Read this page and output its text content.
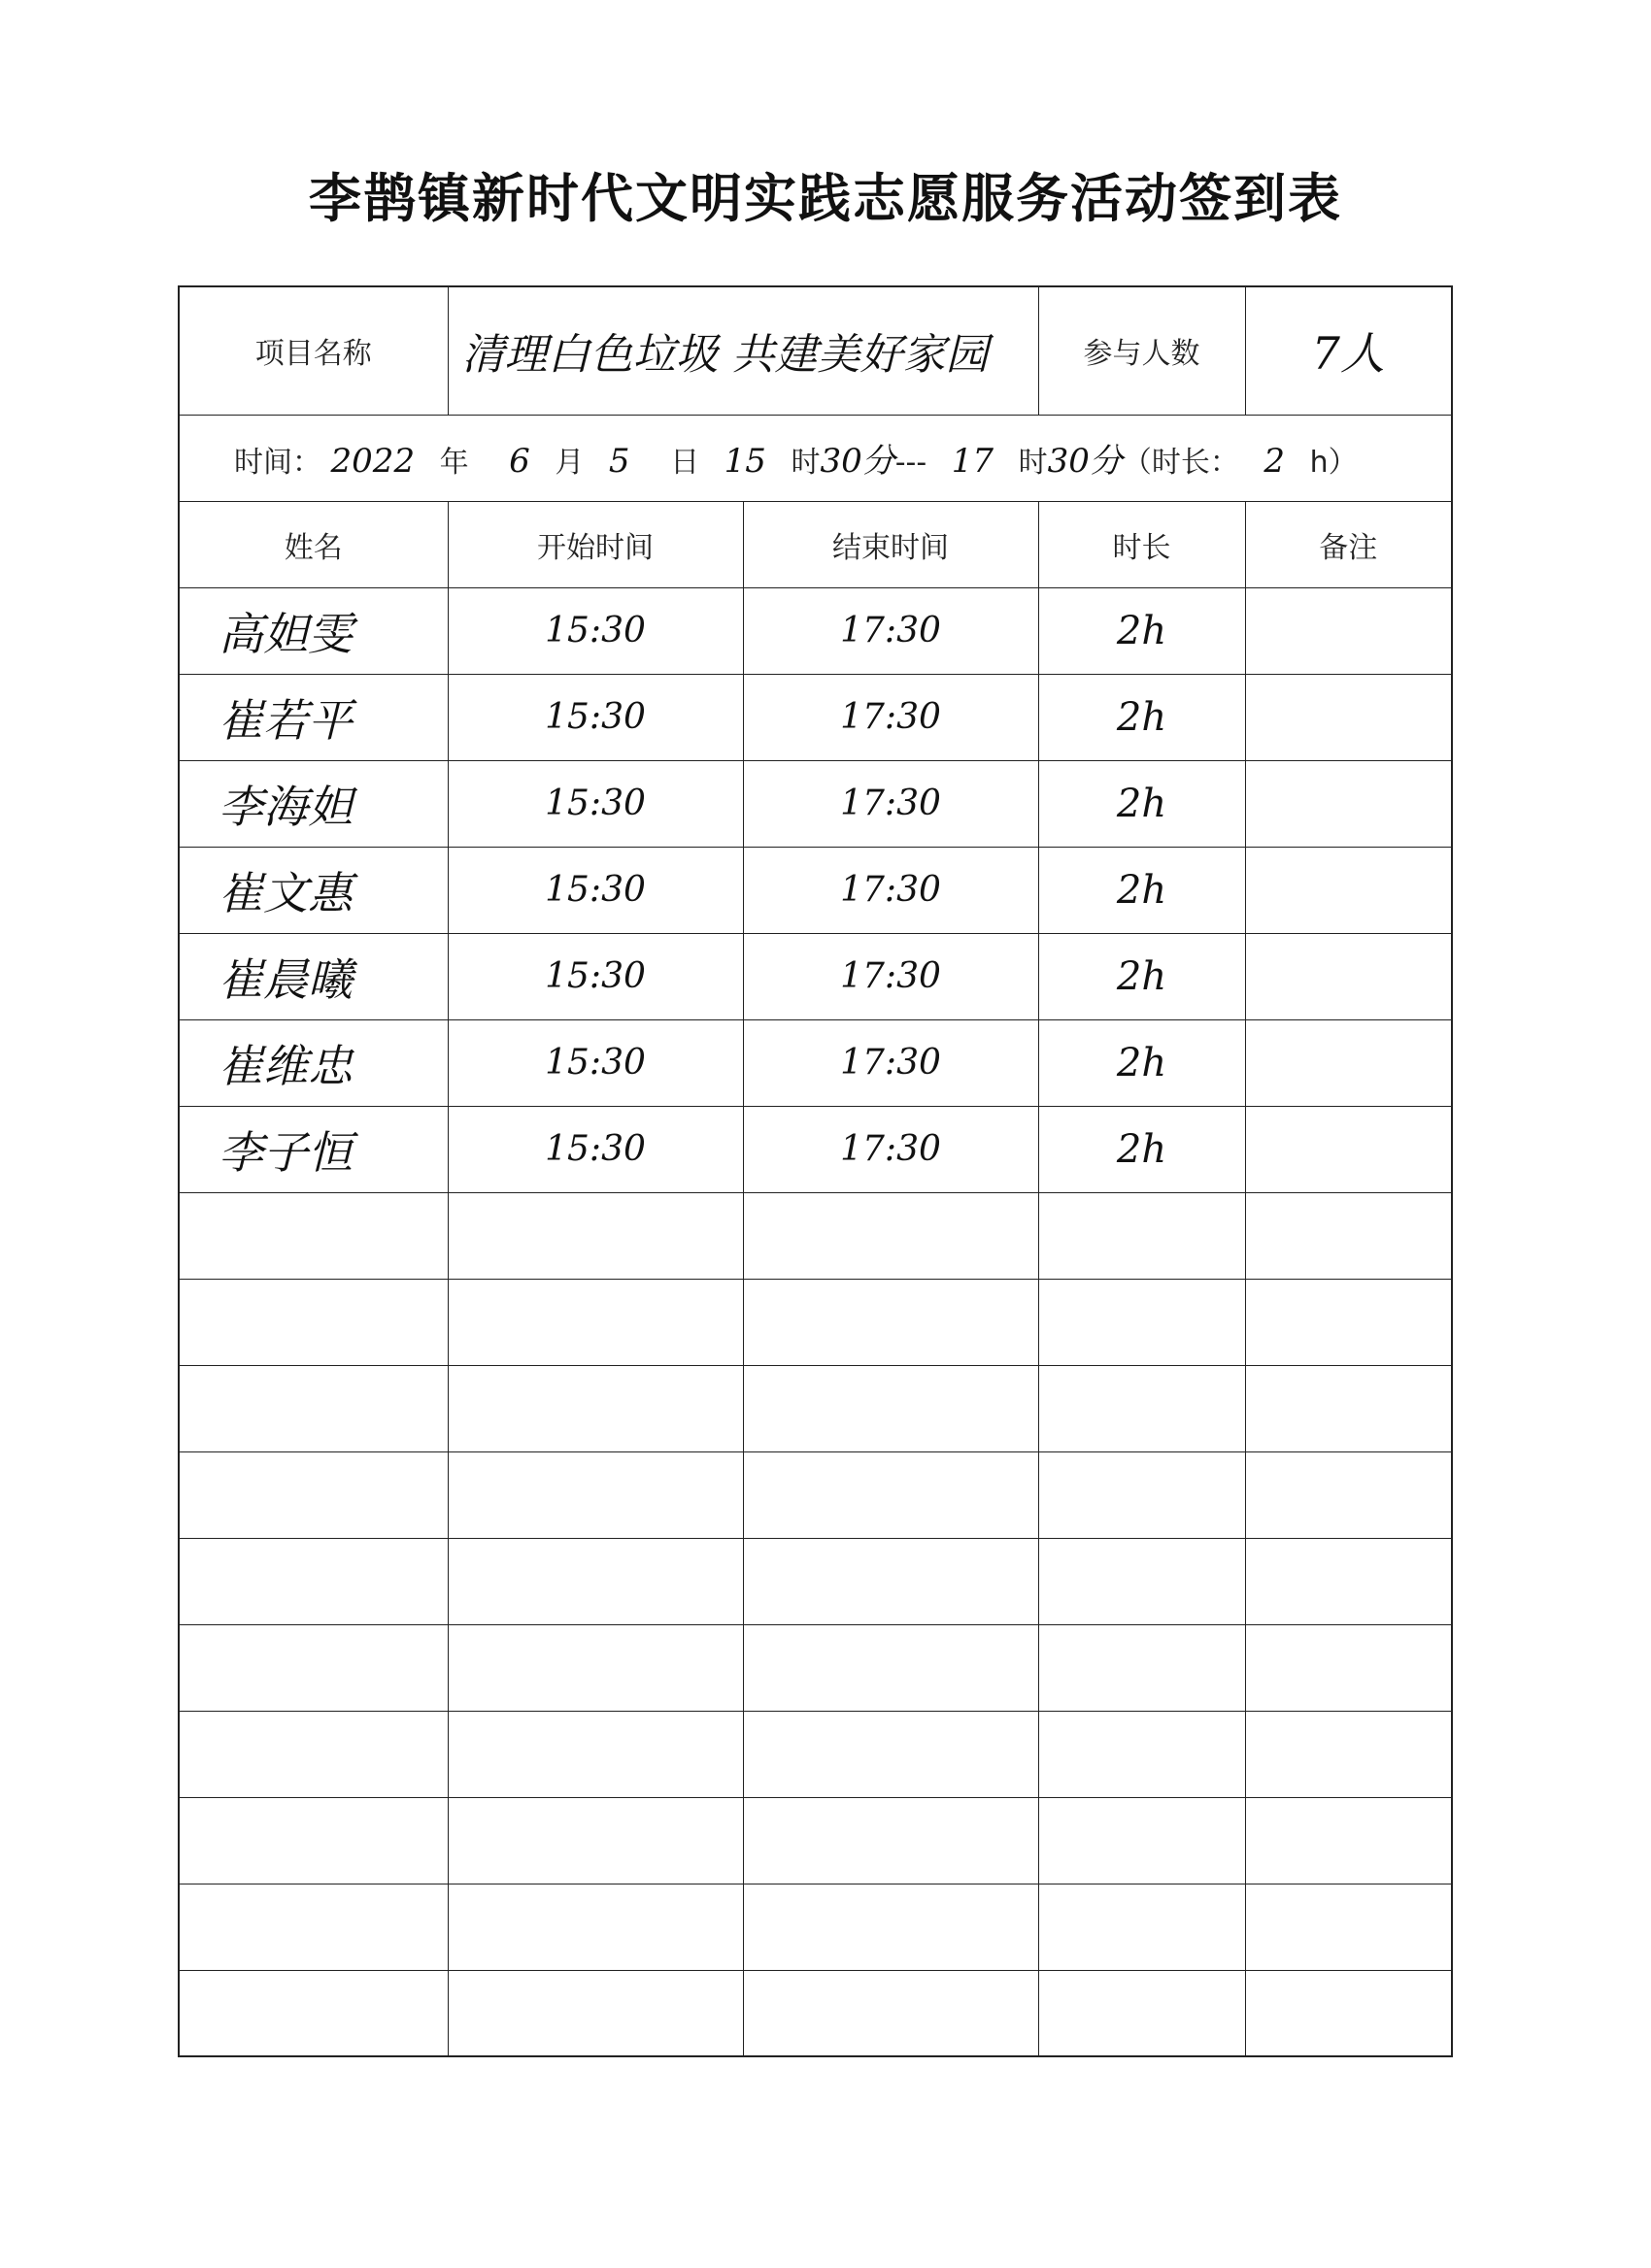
李鹊镇新时代文明实践志愿服务活动签到表
项目名称	清理白色垃圾 共建美好家园		参与人数	7人
时间： 2022 年 6 月 5 日 15 时30分--- 17 时30分（时长： 2 h）				
姓名	开始时间	结束时间	时长	备注
高妲雯	15:30	17:30	2h	
崔若平	15:30	17:30	2h	
李海妲	15:30	17:30	2h	
崔文惠	15:30	17:30	2h	
崔晨曦	15:30	17:30	2h	
崔维忠	15:30	17:30	2h	
李子恒	15:30	17:30	2h	
